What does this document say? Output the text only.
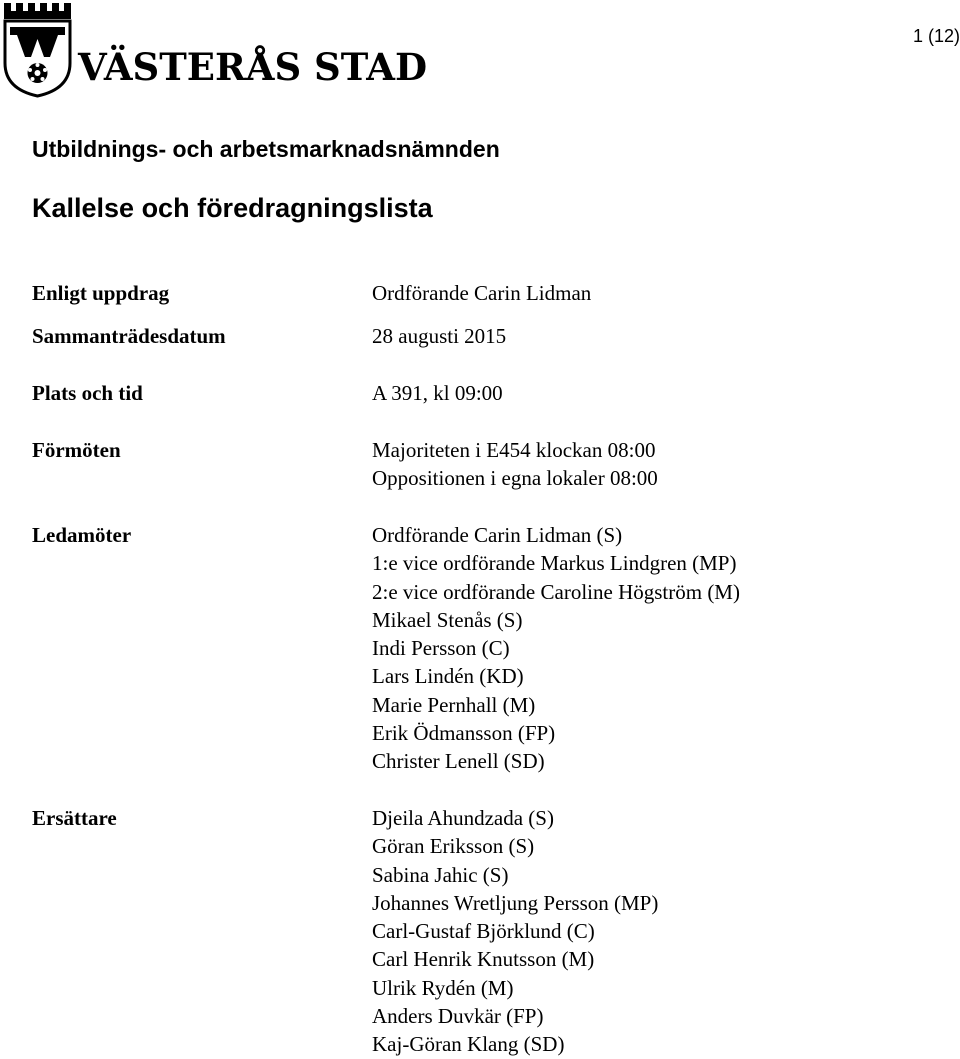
VÄSTERÅS STAD
1 (12)
Utbildnings- och arbetsmarknadsnämnden
Kallelse och föredragningslista
Enligt uppdrag	Ordförande Carin Lidman
Sammanträdesdatum	28 augusti 2015
Plats och tid	A 391, kl 09:00
Förmöten	Majoriteten i E454 klockan 08:00
Oppositionen i egna lokaler 08:00
Ledamöter	Ordförande Carin Lidman (S)
1:e vice ordförande Markus Lindgren (MP)
2:e vice ordförande Caroline Högström (M)
Mikael Stenås (S)
Indi Persson (C)
Lars Lindén (KD)
Marie Pernhall (M)
Erik Ödmansson (FP)
Christer Lenell (SD)
Ersättare	Djeila Ahundzada (S)
Göran Eriksson (S)
Sabina Jahic (S)
Johannes Wretljung Persson (MP)
Carl-Gustaf Björklund (C)
Carl Henrik Knutsson (M)
Ulrik Rydén (M)
Anders Duvkär (FP)
Kaj-Göran Klang (SD)
